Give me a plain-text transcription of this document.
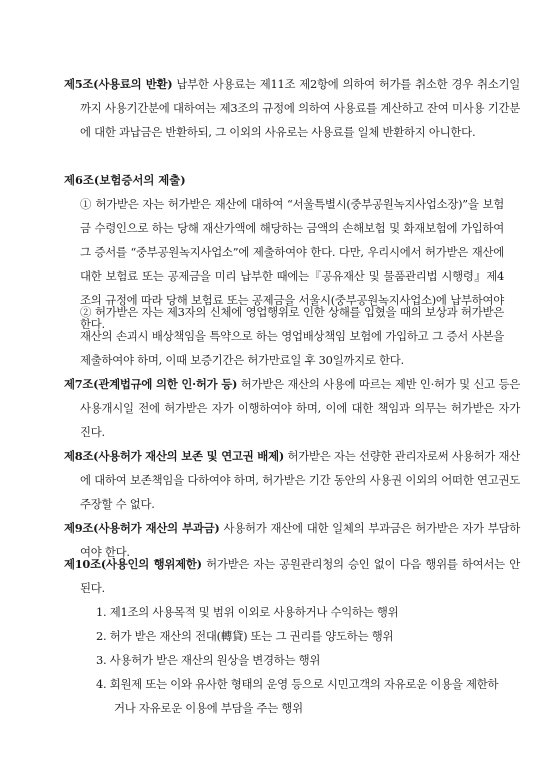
제5조(사용료의 반환) 납부한 사용료는 제11조 제2항에 의하여 허가를 취소한 경우 취소기일까지 사용기간분에 대하여는 제3조의 규정에 의하여 사용료를 계산하고 잔여 미사용 기간분에 대한 과납금은 반환하되, 그 이외의 사유로는 사용료를 일체 반환하지 아니한다.
제6조(보험증서의 제출)
① 허가받은 자는 허가받은 재산에 대하여 “서울특별시(중부공원녹지사업소장)”을 보험금 수령인으로 하는 당해 재산가액에 해당하는 금액의 손해보험 및 화재보험에 가입하여 그 증서를 “중부공원녹지사업소”에 제출하여야 한다. 다만, 우리시에서 허가받은 재산에 대한 보험료 또는 공제금을 미리 납부한 때에는『공유재산 및 물품관리법 시행령』제4조의 규정에 따라 당해 보험료 또는 공제금을 서울시(중부공원녹지사업소)에 납부하여야 한다.
② 허가받은 자는 제3자의 신체에 영업행위로 인한 상해를 입혔을 때의 보상과 허가받은 재산의 손괴시 배상책임을 특약으로 하는 영업배상책임 보험에 가입하고 그 증서 사본을 제출하여야 하며, 이때 보증기간은 허가만료일 후 30일까지로 한다.
제7조(관계법규에 의한 인·허가 등) 허가받은 재산의 사용에 따르는 제반 인·허가 및 신고 등은 사용개시일 전에 허가받은 자가 이행하여야 하며, 이에 대한 책임과 의무는 허가받은 자가 진다.
제8조(사용허가 재산의 보존 및 연고권 배제) 허가받은 자는 선량한 관리자로써 사용허가 재산에 대하여 보존책임을 다하여야 하며, 허가받은 기간 동안의 사용권 이외의 어떠한 연고권도 주장할 수 없다.
제9조(사용허가 재산의 부과금) 사용허가 재산에 대한 일체의 부과금은 허가받은 자가 부담하여야 한다.
제10조(사용인의 행위제한) 허가받은 자는 공원관리청의 승인 없이 다음 행위를 하여서는 안된다.
1. 제1조의 사용목적 및 범위 이외로 사용하거나 수익하는 행위
2. 허가 받은 재산의 전대(轉貸) 또는 그 권리를 양도하는 행위
3. 사용허가 받은 재산의 원상을 변경하는 행위
4. 회원제 또는 이와 유사한 형태의 운영 등으로 시민고객의 자유로운 이용을 제한하거나 자유로운 이용에 부담을 주는 행위
